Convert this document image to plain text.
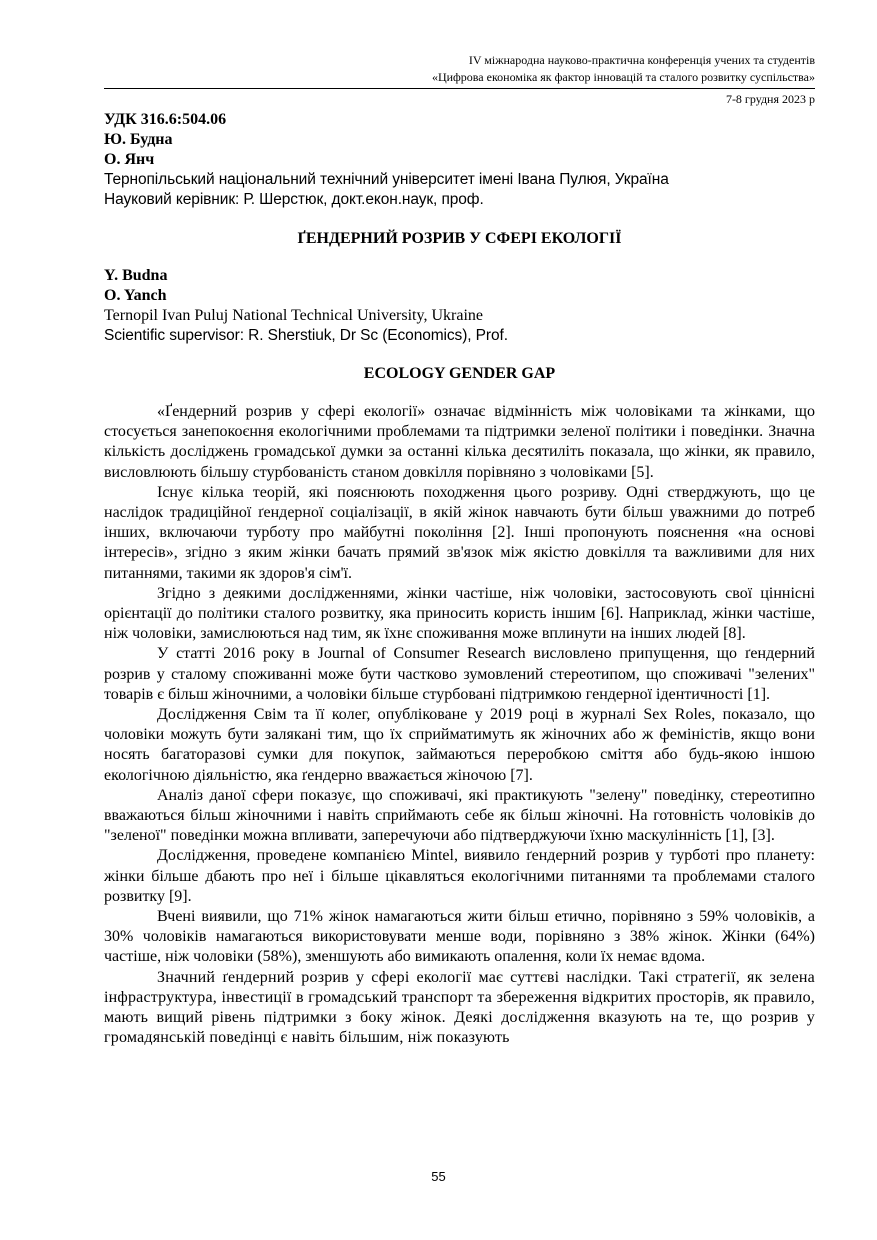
IV міжнародна науково-практична конференція учених та студентів
«Цифрова економіка як фактор інновацій та сталого розвитку суспільства»
7-8 грудня 2023 р
УДК 316.6:504.06
Ю. Будна
О. Янч
Тернопільський національний технічний університет імені Івана Пулюя, Україна
Науковий керівник: Р. Шерстюк, докт.екон.наук, проф.
ҐЕНДЕРНИЙ РОЗРИВ У СФЕРІ ЕКОЛОГІЇ
Y. Budna
O. Yanch
Ternopil Ivan Puluj National Technical University, Ukraine
Scientific supervisor: R. Sherstiuk, Dr Sc (Economics), Prof.
ECOLOGY GENDER GAP

«Ґендерний розрив у сфері екології» означає відмінність між чоловіками та жінками, що стосується занепокоєння екологічними проблемами та підтримки зеленої політики і поведінки. Значна кількість досліджень громадської думки за останні кілька десятиліть показала, що жінки, як правило, висловлюють більшу стурбованість станом довкілля порівняно з чоловіками [5].

Існує кілька теорій, які пояснюють походження цього розриву. Одні стверджують, що це наслідок традиційної ґендерної соціалізації, в якій жінок навчають бути більш уважними до потреб інших, включаючи турботу про майбутні покоління [2]. Інші пропонують пояснення «на основі інтересів», згідно з яким жінки бачать прямий зв'язок між якістю довкілля та важливими для них питаннями, такими як здоров'я сім'ї.

Згідно з деякими дослідженнями, жінки частіше, ніж чоловіки, застосовують свої ціннісні орієнтації до політики сталого розвитку, яка приносить користь іншим [6]. Наприклад, жінки частіше, ніж чоловіки, замислюються над тим, як їхнє споживання може вплинути на інших людей [8].

У статті 2016 року в Journal of Consumer Research висловлено припущення, що ґендерний розрив у сталому споживанні може бути частково зумовлений стереотипом, що споживачі "зелених" товарів є більш жіночними, а чоловіки більше стурбовані підтримкою гендерної ідентичності [1].

Дослідження Свім та її колег, опубліковане у 2019 році в журналі Sex Roles, показало, що чоловіки можуть бути залякані тим, що їх сприйматимуть як жіночних або ж феміністів, якщо вони носять багаторазові сумки для покупок, займаються переробкою сміття або будь-якою іншою екологічною діяльністю, яка ґендерно вважається жіночою [7].

Аналіз даної сфери показує, що споживачі, які практикують "зелену" поведінку, стереотипно вважаються більш жіночними і навіть сприймають себе як більш жіночні. На готовність чоловіків до "зеленої" поведінки можна впливати, заперечуючи або підтверджуючи їхню маскулінність [1], [3].

Дослідження, проведене компанією Mintel, виявило ґендерний розрив у турботі про планету: жінки більше дбають про неї і більше цікавляться екологічними питаннями та проблемами сталого розвитку [9].

Вчені виявили, що 71% жінок намагаються жити більш етично, порівняно з 59% чоловіків, а 30% чоловіків намагаються використовувати менше води, порівняно з 38% жінок. Жінки (64%) частіше, ніж чоловіки (58%), зменшують або вимикають опалення, коли їх немає вдома.

Значний ґендерний розрив у сфері екології має суттєві наслідки. Такі стратегії, як зелена інфраструктура, інвестиції в громадський транспорт та збереження відкритих просторів, як правило, мають вищий рівень підтримки з боку жінок. Деякі дослідження вказують на те, що розрив у громадянській поведінці є навіть більшим, ніж показують

55
